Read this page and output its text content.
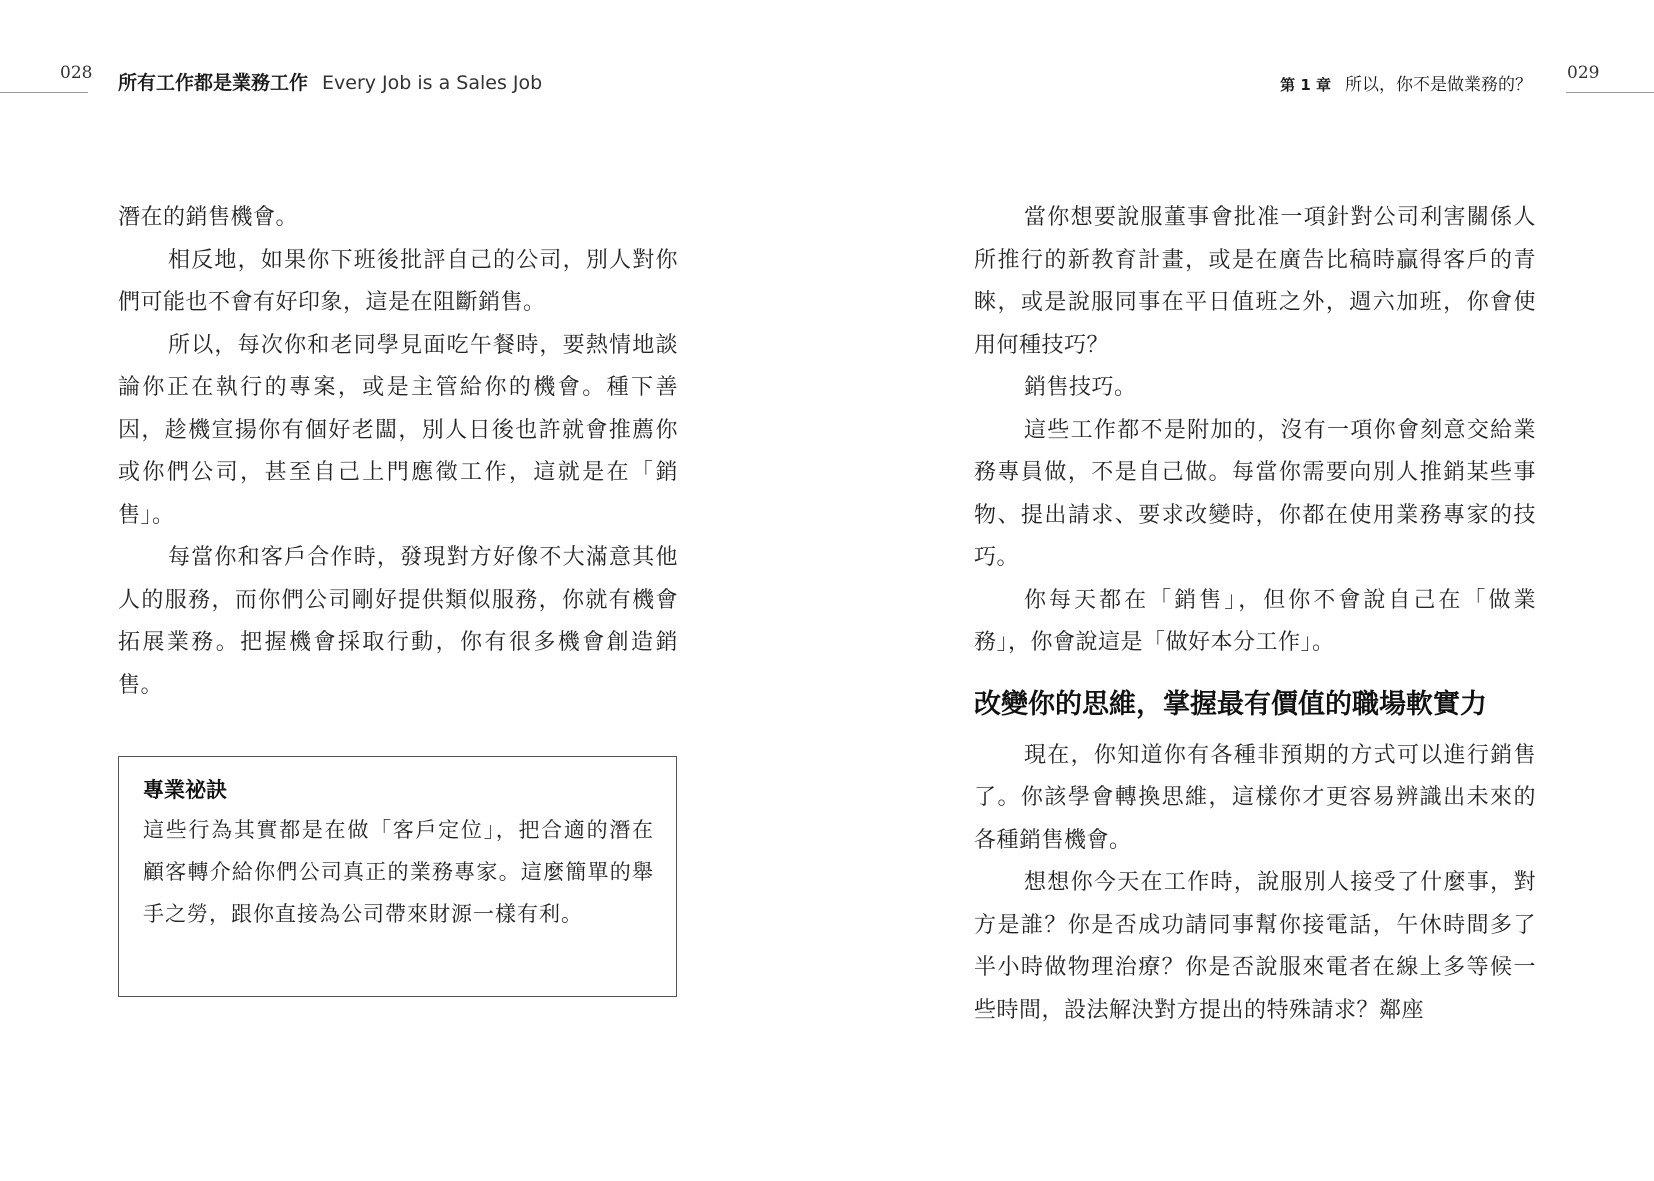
028 所有工作都是業務工作 Every Job is a Sales Job	第 1 章 所以，你不是做業務的？
029

潛在的銷售機會。

相反地，如果你下班後批評自己的公司，別人對你們可能也不會有好印象，這是在阻斷銷售。

所以，每次你和老同學見面吃午餐時，要熱情地談論你正在執行的專案，或是主管給你的機會。種下善因，趁機宣揚你有個好老闆，別人日後也許就會推薦你或你們公司，甚至自己上門應徵工作，這就是在「銷售」。

每當你和客戶合作時，發現對方好像不大滿意其他人的服務，而你們公司剛好提供類似服務，你就有機會拓展業務。把握機會採取行動，你有很多機會創造銷售。

專業祕訣

這些行為其實都是在做「客戶定位」，把合適的潛在顧客轉介給你們公司真正的業務專家。這麼簡單的舉手之勞，跟你直接為公司帶來財源一樣有利。

當你想要說服董事會批准一項針對公司利害關係人所推行的新教育計畫，或是在廣告比稿時贏得客戶的青睞，或是說服同事在平日值班之外，週六加班，你會使用何種技巧？

銷售技巧。

這些工作都不是附加的，沒有一項你會刻意交給業務專員做，不是自己做。每當你需要向別人推銷某些事物、提出請求、要求改變時，你都在使用業務專家的技巧。

你每天都在「銷售」，但你不會說自己在「做業務」，你會說這是「做好本分工作」。

改變你的思維，掌握最有價值的職場軟實力

現在，你知道你有各種非預期的方式可以進行銷售了。你該學會轉換思維，這樣你才更容易辨識出未來的各種銷售機會。

想想你今天在工作時，說服別人接受了什麼事，對方是誰？你是否成功請同事幫你接電話，午休時間多了半小時做物理治療？你是否說服來電者在線上多等候一些時間，設法解決對方提出的特殊請求？鄰座
